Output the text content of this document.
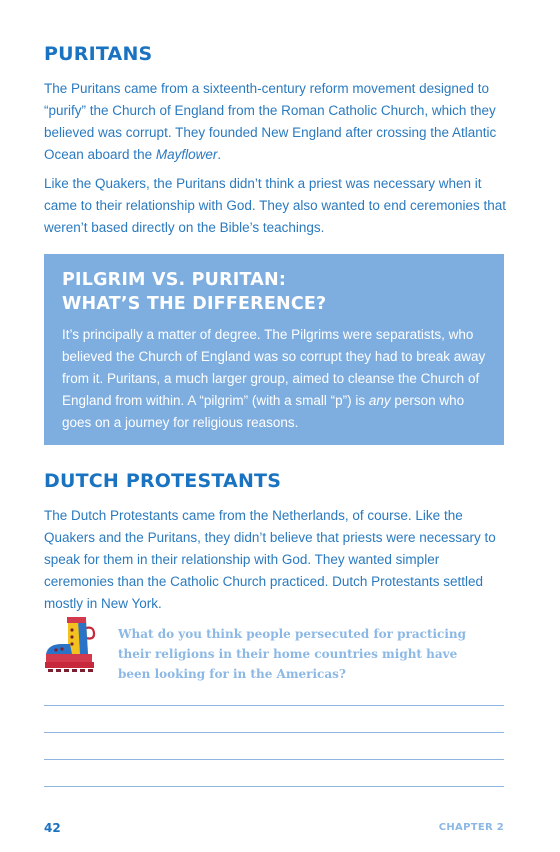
PURITANS

The Puritans came from a sixteenth-century reform movement designed to “purify” the Church of England from the Roman Catholic Church, which they believed was corrupt. They founded New England after crossing the Atlantic Ocean aboard the Mayflower.

Like the Quakers, the Puritans didn’t think a priest was necessary when it came to their relationship with God. They also wanted to end ceremonies that weren’t based directly on the Bible’s teachings.

PILGRIM VS. PURITAN:
WHAT’S THE DIFFERENCE?

It’s principally a matter of degree. The Pilgrims were separatists, who believed the Church of England was so corrupt they had to break away from it. Puritans, a much larger group, aimed to cleanse the Church of England from within. A “pilgrim” (with a small “p”) is any person who goes on a journey for religious reasons.

DUTCH PROTESTANTS

The Dutch Protestants came from the Netherlands, of course. Like the Quakers and the Puritans, they didn’t believe that priests were necessary to speak for them in their relationship with God. They wanted simpler ceremonies than the Catholic Church practiced. Dutch Protestants settled mostly in New York.

What do you think people persecuted for practicing their religions in their home countries might have been looking for in the Americas?

42	CHAPTER 2
